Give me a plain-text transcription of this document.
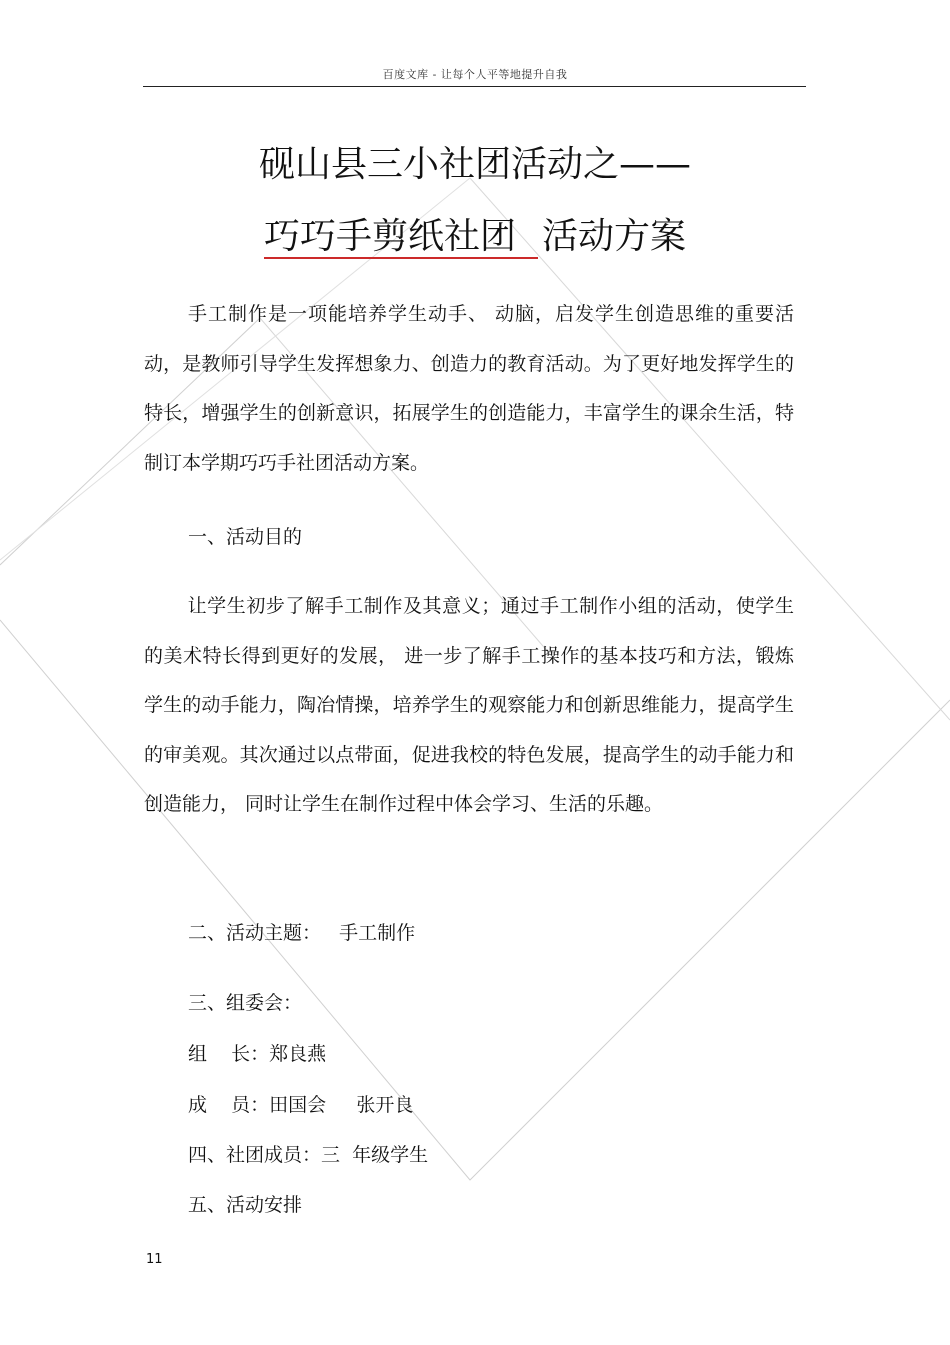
百度文库 - 让每个人平等地提升自我
砚山县三小社团活动之——
巧巧手剪纸社团 活动方案

手工制作是一项能培养学生动手、 动脑，启发学生创造思维的重要活动，是教师引导学生发挥想象力、创造力的教育活动。为了更好地发挥学生的特长，增强学生的创新意识，拓展学生的创造能力，丰富学生的课余生活，特制订本学期巧巧手社团活动方案。

一、活动目的

让学生初步了解手工制作及其意义；通过手工制作小组的活动，使学生的美术特长得到更好的发展， 进一步了解手工操作的基本技巧和方法，锻炼学生的动手能力，陶冶情操，培养学生的观察能力和创新思维能力，提高学生的审美观。其次通过以点带面，促进我校的特色发展，提高学生的动手能力和创造能力， 同时让学生在制作过程中体会学习、生活的乐趣。

二、活动主题：   手工制作
三、组委会：
组    长：郑良燕
成    员：田国会     张开良
四、社团成员：三  年级学生
五、活动安排
11
